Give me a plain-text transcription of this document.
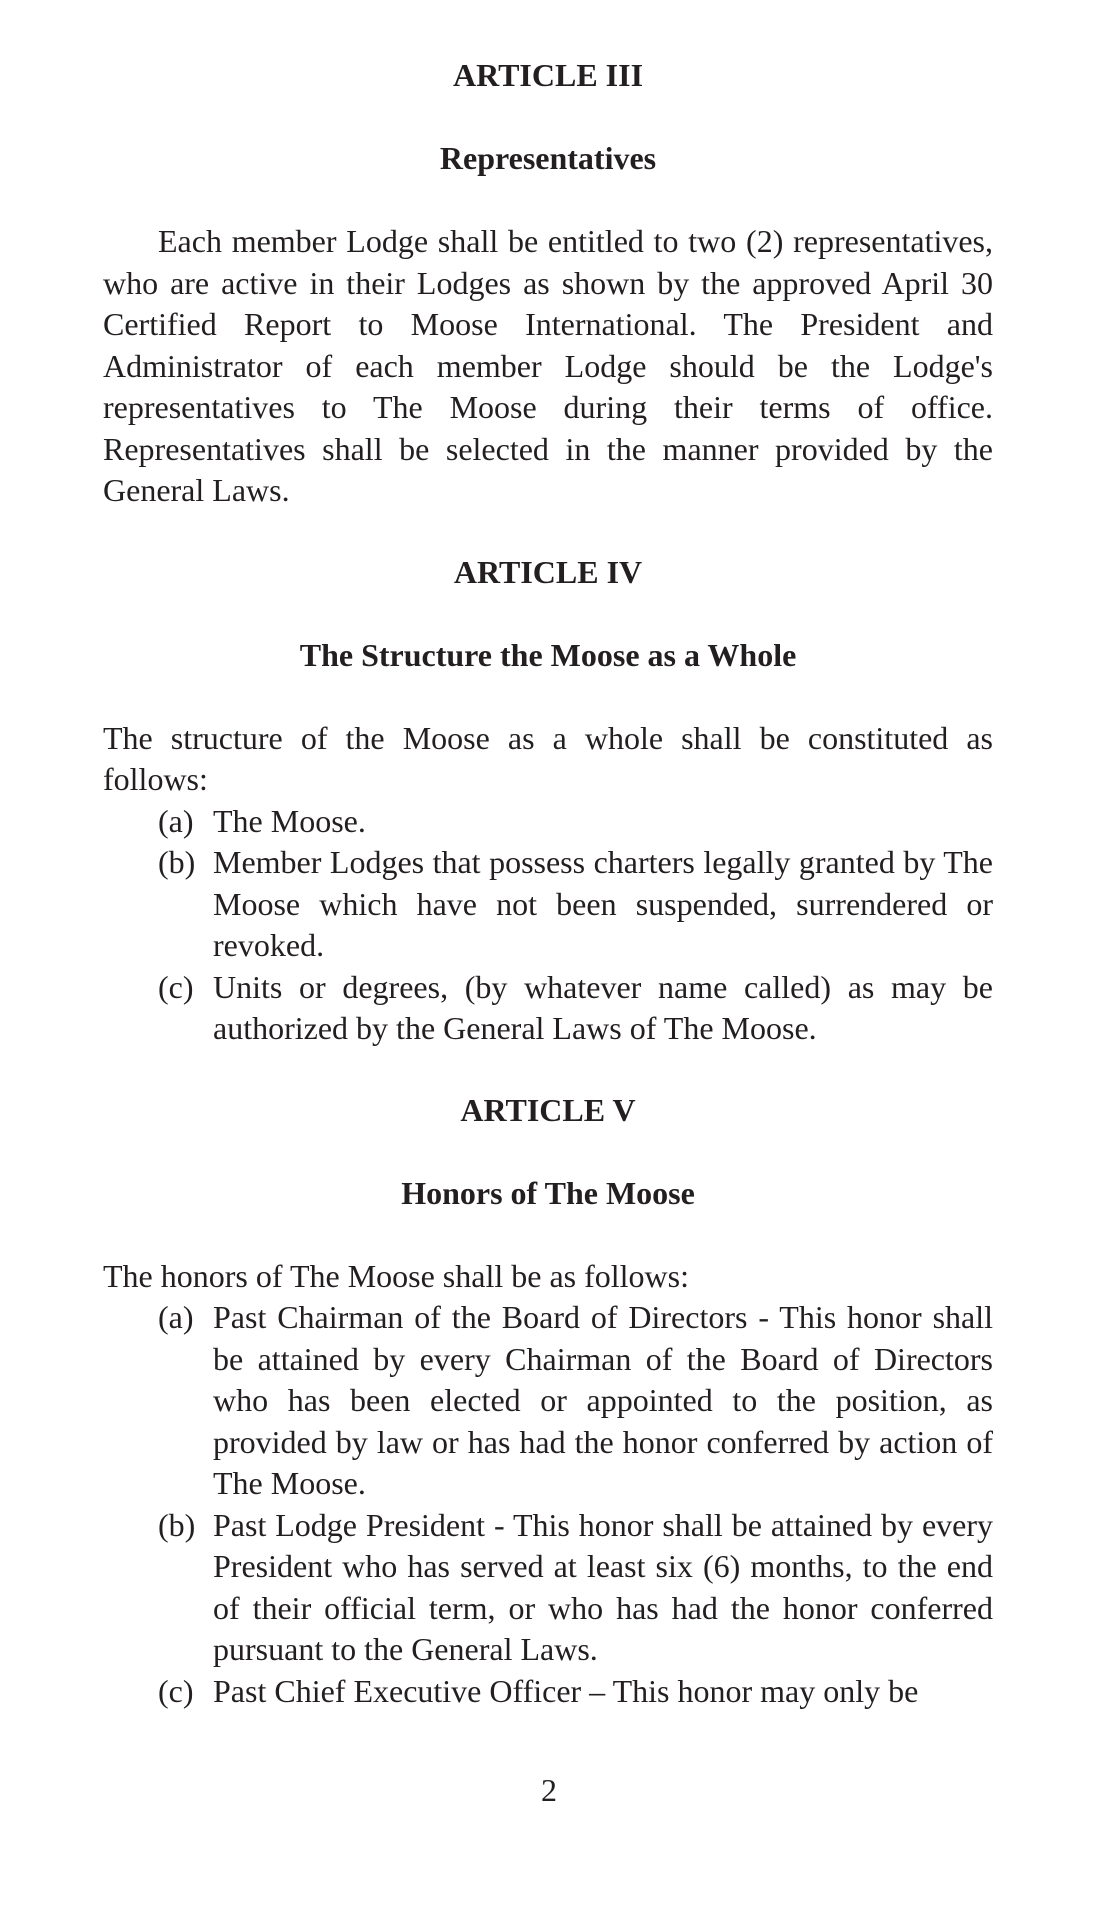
ARTICLE III
Representatives

Each member Lodge shall be entitled to two (2) representatives, who are active in their Lodges as shown by the approved April 30 Certified Report to Moose International. The President and Administrator of each member Lodge should be the Lodge's representatives to The Moose during their terms of office. Representatives shall be selected in the manner provided by the General Laws.

ARTICLE IV
The Structure the Moose as a Whole

The structure of the Moose as a whole shall be constituted as follows:

(a) The Moose.
(b) Member Lodges that possess charters legally granted by The Moose which have not been suspended, surrendered or revoked.
(c) Units or degrees, (by whatever name called) as may be authorized by the General Laws of The Moose.
ARTICLE V
Honors of The Moose

The honors of The Moose shall be as follows:

(a) Past Chairman of the Board of Directors - This honor shall be attained by every Chairman of the Board of Directors who has been elected or appointed to the position, as provided by law or has had the honor conferred by action of The Moose.
(b) Past Lodge President - This honor shall be attained by every President who has served at least six (6) months, to the end of their official term, or who has had the honor conferred pursuant to the General Laws.
(c) Past Chief Executive Officer – This honor may only be
2
